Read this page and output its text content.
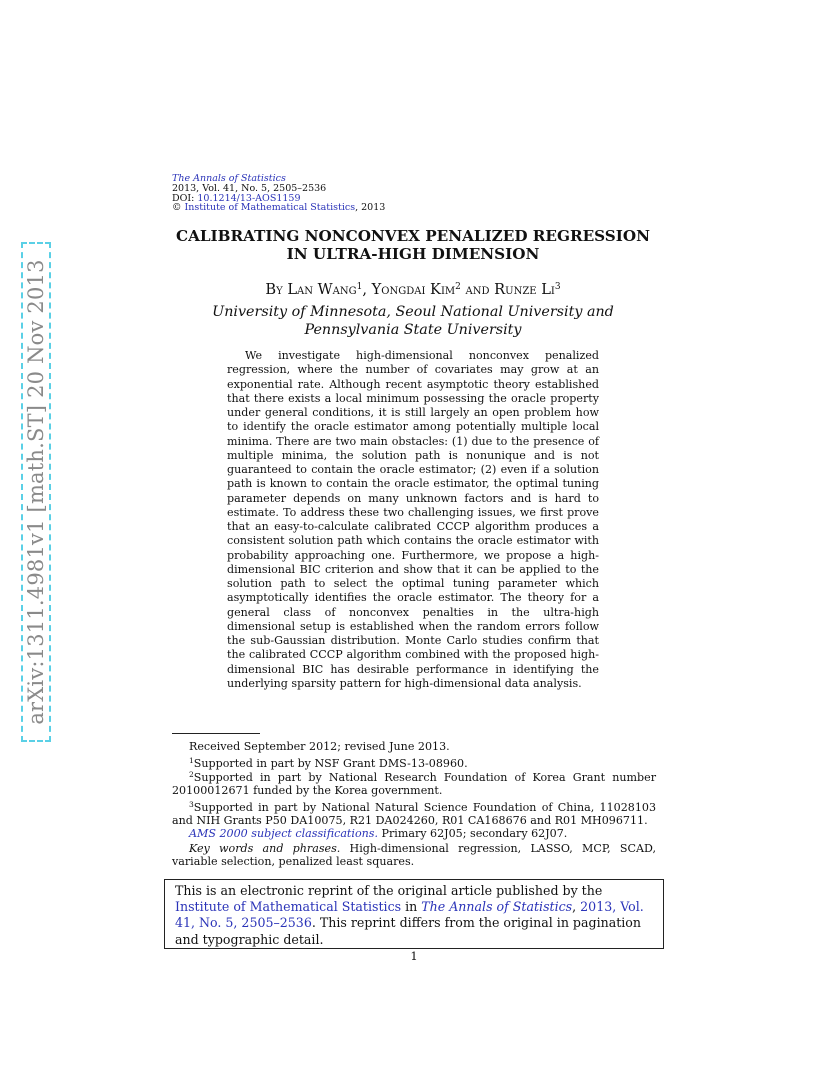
The Annals of Statistics
2013, Vol. 41, No. 5, 2505–2536
DOI: 10.1214/13-AOS1159
© Institute of Mathematical Statistics, 2013
arXiv:1311.4981v1 [math.ST] 20 Nov 2013
CALIBRATING NONCONVEX PENALIZED REGRESSION
IN ULTRA-HIGH DIMENSION
By Lan Wang$^1$, Yongdai Kim$^2$ and Runze Li$^3$
University of Minnesota, Seoul National University and
Pennsylvania State University

We investigate high-dimensional nonconvex penalized regression, where the number of covariates may grow at an exponential rate. Although recent asymptotic theory established that there exists a local minimum possessing the oracle property under general conditions, it is still largely an open problem how to identify the oracle estimator among potentially multiple local minima. There are two main obstacles: (1) due to the presence of multiple minima, the solution path is nonunique and is not guaranteed to contain the oracle estimator; (2) even if a solution path is known to contain the oracle estimator, the optimal tuning parameter depends on many unknown factors and is hard to estimate. To address these two challenging issues, we first prove that an easy-to-calculate calibrated CCCP algorithm produces a consistent solution path which contains the oracle estimator with probability approaching one. Furthermore, we propose a high-dimensional BIC criterion and show that it can be applied to the solution path to select the optimal tuning parameter which asymptotically identifies the oracle estimator. The theory for a general class of nonconvex penalties in the ultra-high dimensional setup is established when the random errors follow the sub-Gaussian distribution. Monte Carlo studies confirm that the calibrated CCCP algorithm combined with the proposed high-dimensional BIC has desirable performance in identifying the underlying sparsity pattern for high-dimensional data analysis.

Received September 2012; revised June 2013.
$^1$Supported in part by NSF Grant DMS-13-08960.
$^2$Supported in part by National Research Foundation of Korea Grant number 20100012671 funded by the Korea government.
$^3$Supported in part by National Natural Science Foundation of China, 11028103 and NIH Grants P50 DA10075, R21 DA024260, R01 CA168676 and R01 MH096711.
AMS 2000 subject classifications. Primary 62J05; secondary 62J07.
Key words and phrases. High-dimensional regression, LASSO, MCP, SCAD, variable selection, penalized least squares.
This is an electronic reprint of the original article published by the Institute of Mathematical Statistics in The Annals of Statistics, 2013, Vol. 41, No. 5, 2505–2536. This reprint differs from the original in pagination and typographic detail.
1
